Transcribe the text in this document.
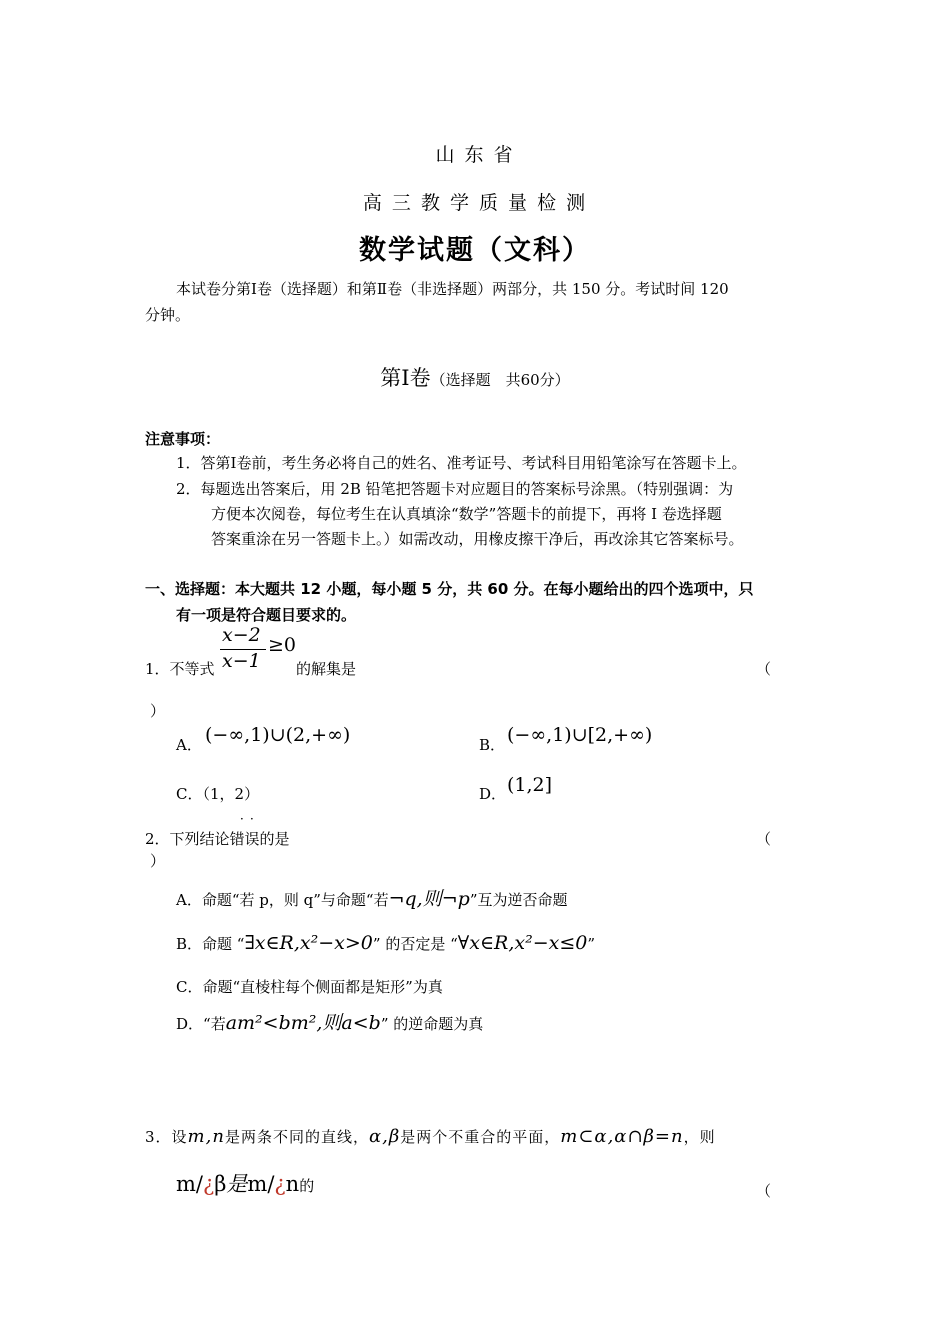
山 东 省
高 三 教 学 质 量 检 测
数学试题（文科）
本试卷分第Ⅰ卷（选择题）和第Ⅱ卷（非选择题）两部分，共 150 分。考试时间 120
分钟。
第Ⅰ卷（选择题　共60分）
注意事项：
1．答第I卷前，考生务必将自己的姓名、准考证号、考试科目用铅笔涂写在答题卡上。
2．每题选出答案后，用 2B 铅笔把答题卡对应题目的答案标号涂黑。（特别强调：为
方便本次阅卷，每位考生在认真填涂“数学”答题卡的前提下，再将 I 卷选择题
答案重涂在另一答题卡上。）如需改动，用橡皮擦干净后，再改涂其它答案标号。
一、选择题：本大题共 12 小题，每小题 5 分，共 60 分。在每小题给出的四个选项中，只
有一项是符合题目要求的。
1．不等式
x−2
x−1
≥0
的解集是	（
）
A． (−∞,1)∪(2,+∞)	B． (−∞,1)∪[2,+∞)
C．（1，2）	D． (1,2]
．．
2．下列结论错误的是	（
）
A．命题“若 p，则 q”与命题“若¬q,则¬p”互为逆否命题
B．命题 “∃x∈R,x²−x>0” 的否定是 “∀x∈R,x²−x≤0”
C．命题“直棱柱每个侧面都是矩形”为真
D．“若am²<bm²,则a<b” 的逆命题为真
3．设m,n是两条不同的直线，α,β是两个不重合的平面，m⊂α,α∩β=n，则
m/¿β是m/¿n的	（
